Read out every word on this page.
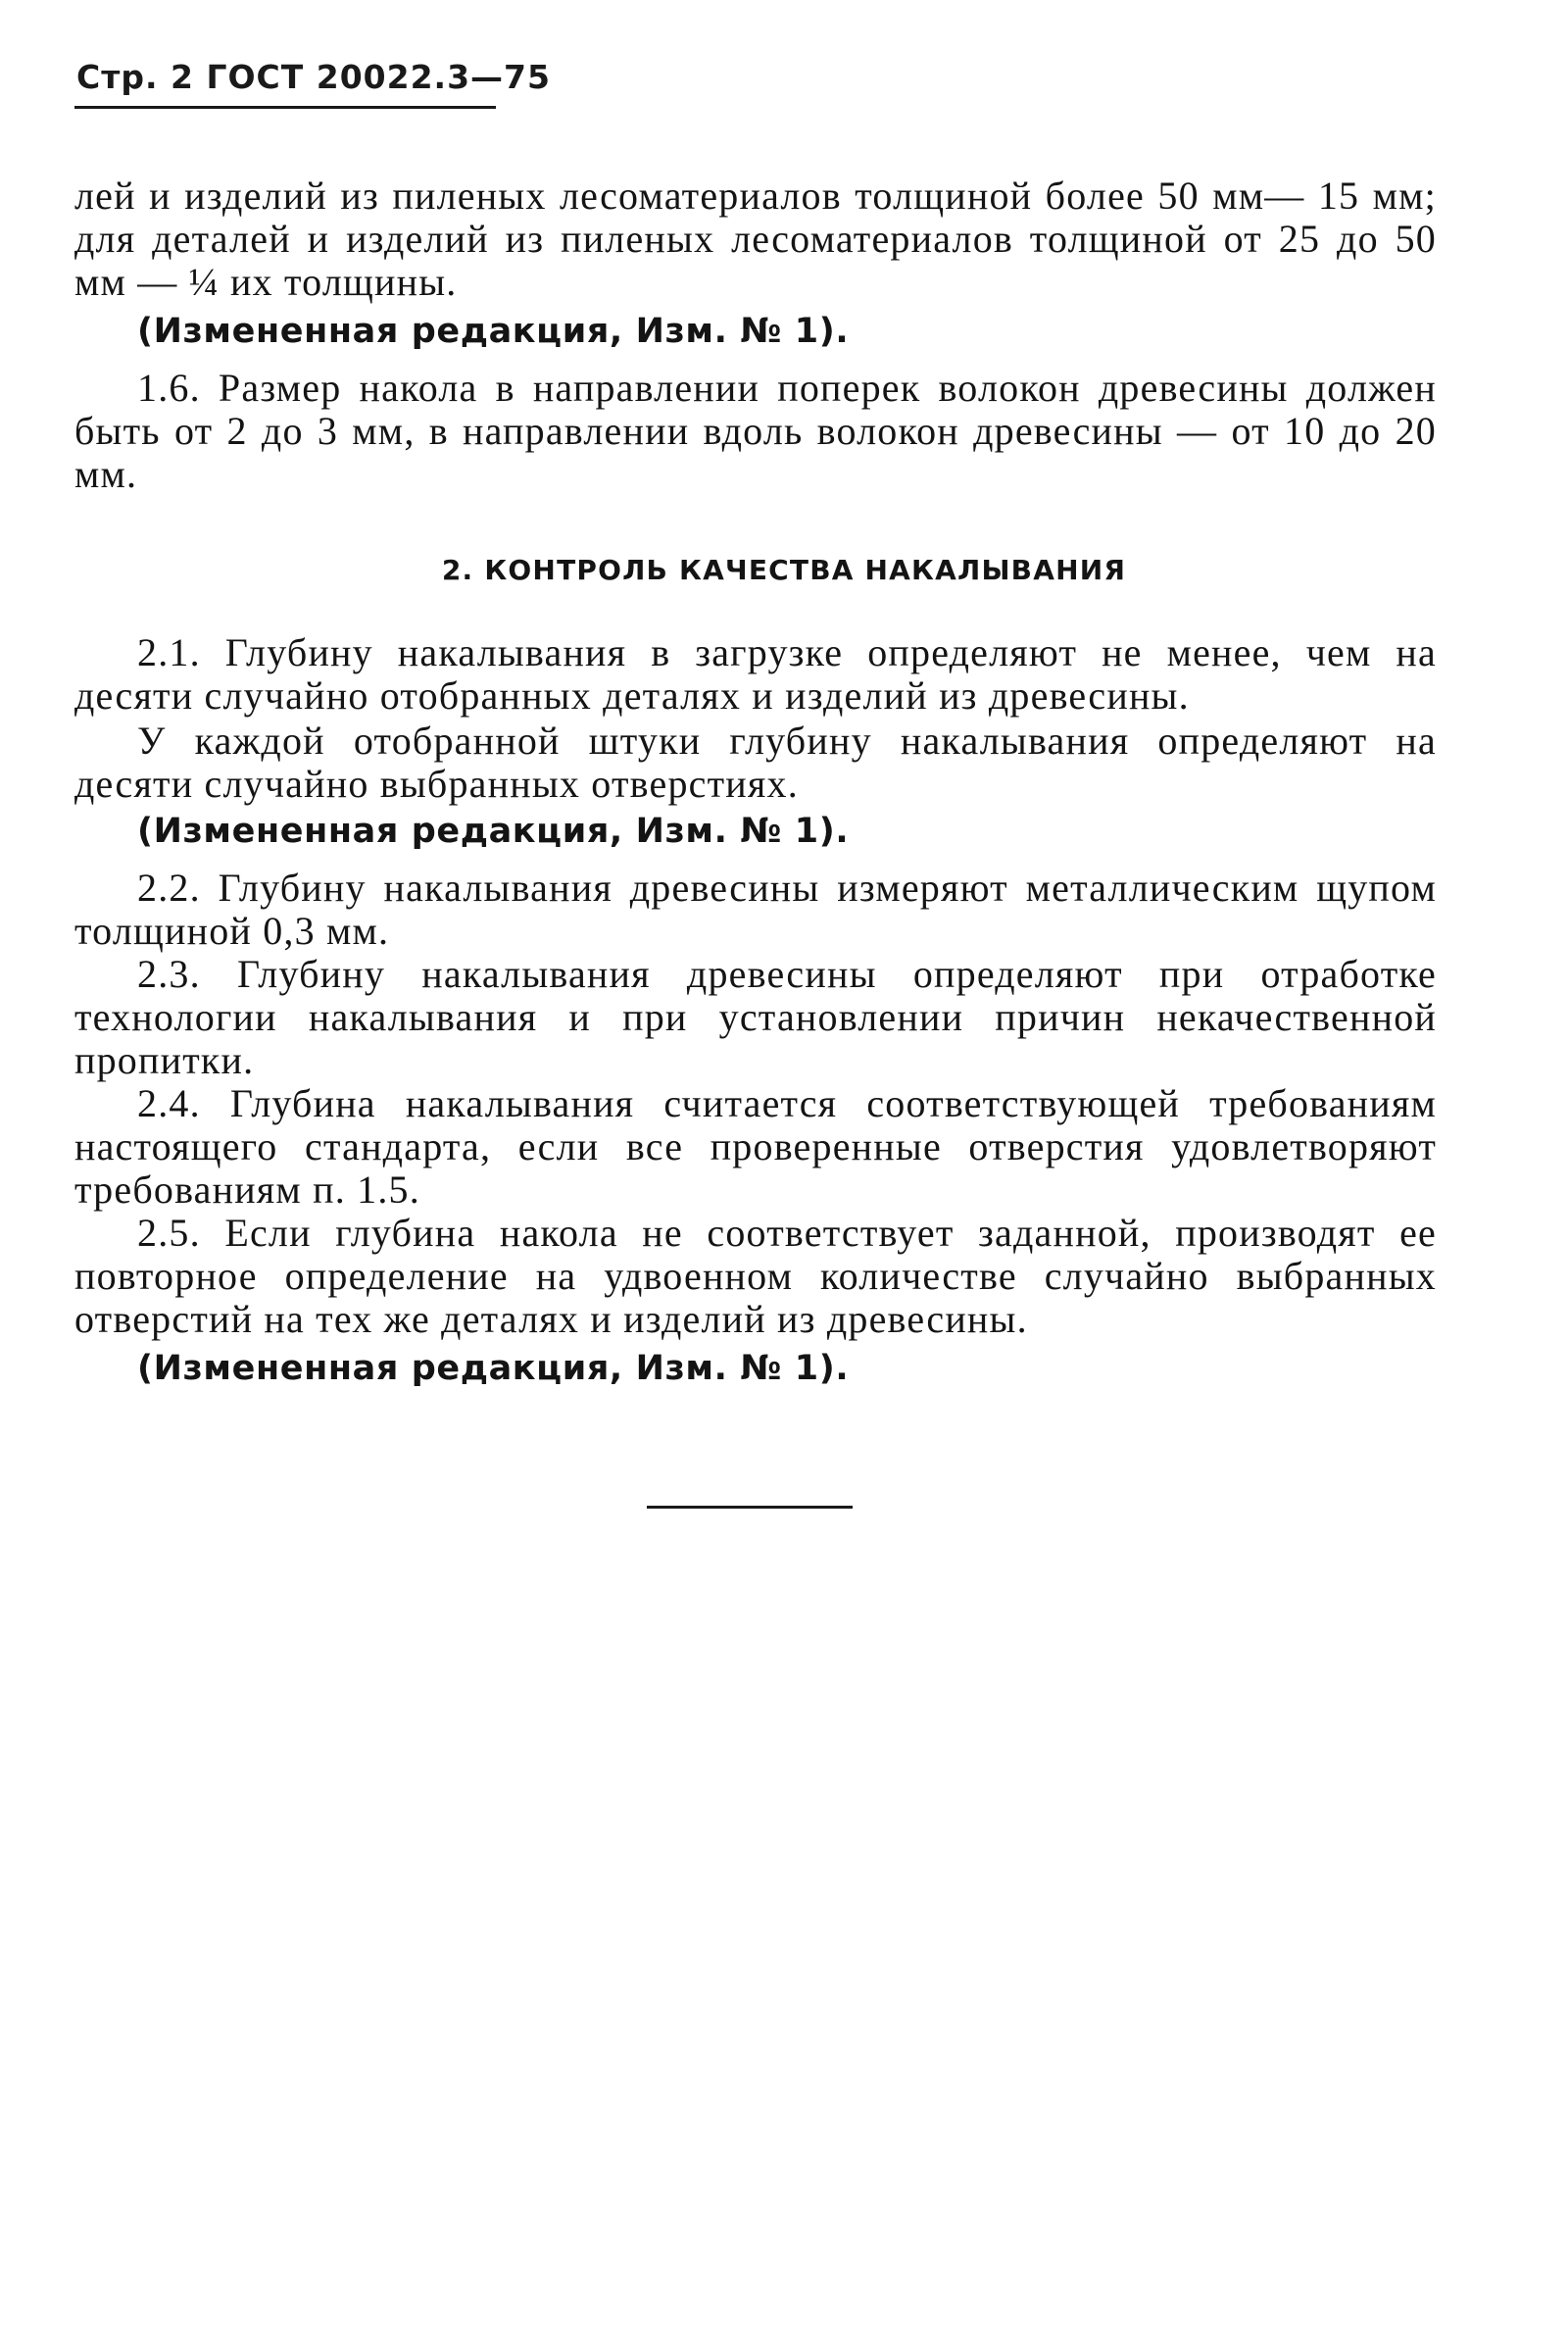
Стр. 2 ГОСТ 20022.3—75
лей и изделий из пиленых лесоматериалов толщиной более 50 мм— 15 мм; для деталей и изделий из пиленых лесоматериалов толщиной от 25 до 50 мм — ¼ их толщины.
(Измененная редакция, Изм. № 1).
1.6. Размер накола в направлении поперек волокон древесины должен быть от 2 до 3 мм, в направлении вдоль волокон древесины — от 10 до 20 мм.
2. КОНТРОЛЬ КАЧЕСТВА НАКАЛЫВАНИЯ
2.1. Глубину накалывания в загрузке определяют не менее, чем на десяти случайно отобранных деталях и изделий из древесины.
У каждой отобранной штуки глубину накалывания определяют на десяти случайно выбранных отверстиях.
(Измененная редакция, Изм. № 1).
2.2. Глубину накалывания древесины измеряют металлическим щупом толщиной 0,3 мм.
2.3. Глубину накалывания древесины определяют при отработке технологии накалывания и при установлении причин некачественной пропитки.
2.4. Глубина накалывания считается соответствующей требованиям настоящего стандарта, если все проверенные отверстия удовлетворяют требованиям п. 1.5.
2.5. Если глубина накола не соответствует заданной, производят ее повторное определение на удвоенном количестве случайно выбранных отверстий на тех же деталях и изделий из древесины.
(Измененная редакция, Изм. № 1).
